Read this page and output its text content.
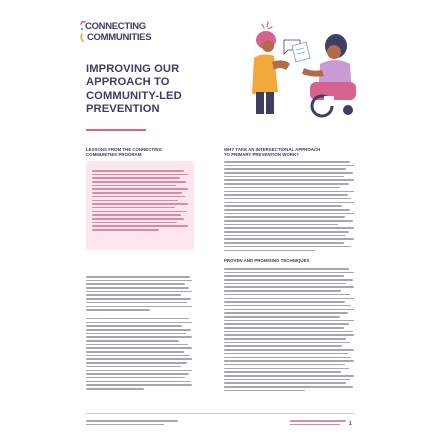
CONNECTING
COMMUNITIES
IMPROVING OUR
APPROACH TO
COMMUNITY-LED
PREVENTION
LESSONS FROM THE CONNECTING
COMMUNITIES PROGRAM
WHY TAKE AN INTERSECTIONAL APPROACH
TO PRIMARY PREVENTION WORK?
PROVEN AND PROMISING TECHNIQUES
1
